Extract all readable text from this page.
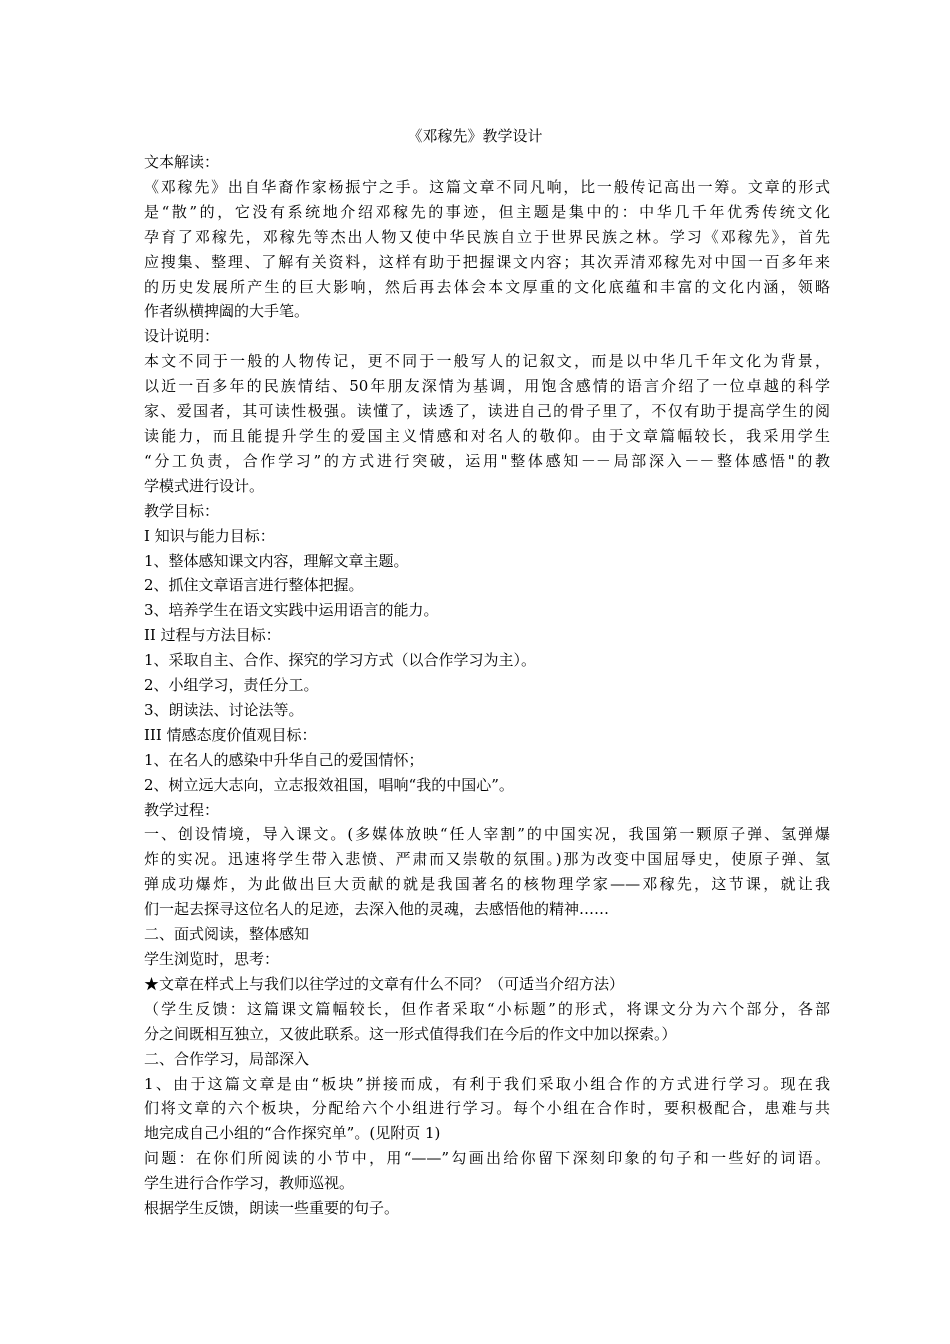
《邓稼先》教学设计
文本解读：
《邓稼先》出自华裔作家杨振宁之手。这篇文章不同凡响，比一般传记高出一筹。文章的形式
是“散”的，它没有系统地介绍邓稼先的事迹，但主题是集中的：中华几千年优秀传统文化
孕育了邓稼先，邓稼先等杰出人物又使中华民族自立于世界民族之林。学习《邓稼先》，首先
应搜集、整理、了解有关资料，这样有助于把握课文内容；其次弄清邓稼先对中国一百多年来
的历史发展所产生的巨大影响，然后再去体会本文厚重的文化底蕴和丰富的文化内涵，领略
作者纵横捭阖的大手笔。
设计说明：
本文不同于一般的人物传记，更不同于一般写人的记叙文，而是以中华几千年文化为背景，
以近一百多年的民族情结、50年朋友深情为基调，用饱含感情的语言介绍了一位卓越的科学
家、爱国者，其可读性极强。读懂了，读透了，读进自己的骨子里了，不仅有助于提高学生的阅
读能力，而且能提升学生的爱国主义情感和对名人的敬仰。由于文章篇幅较长，我采用学生
“分工负责，合作学习”的方式进行突破，运用"整体感知－－局部深入－－整体感悟"的教
学模式进行设计。
教学目标：
I 知识与能力目标：
1、整体感知课文内容，理解文章主题。
2、抓住文章语言进行整体把握。
3、培养学生在语文实践中运用语言的能力。
II 过程与方法目标：
1、采取自主、合作、探究的学习方式（以合作学习为主）。
2、小组学习，责任分工。
3、朗读法、讨论法等。
III 情感态度价值观目标：
1、在名人的感染中升华自己的爱国情怀；
2、树立远大志向，立志报效祖国，唱响“我的中国心”。
教学过程：
一、创设情境，导入课文。(多媒体放映“任人宰割”的中国实况，我国第一颗原子弹、氢弹爆
炸的实况。迅速将学生带入悲愤、严肃而又崇敬的氛围。)那为改变中国屈辱史，使原子弹、氢
弹成功爆炸，为此做出巨大贡献的就是我国著名的核物理学家——邓稼先，这节课，就让我
们一起去探寻这位名人的足迹，去深入他的灵魂，去感悟他的精神……
二、面式阅读，整体感知
学生浏览时，思考：
★文章在样式上与我们以往学过的文章有什么不同？（可适当介绍方法）
（学生反馈：这篇课文篇幅较长，但作者采取“小标题”的形式，将课文分为六个部分，各部
分之间既相互独立，又彼此联系。这一形式值得我们在今后的作文中加以探索。）
二、合作学习，局部深入
1、由于这篇文章是由“板块”拼接而成，有利于我们采取小组合作的方式进行学习。现在我
们将文章的六个板块，分配给六个小组进行学习。每个小组在合作时，要积极配合，患难与共
地完成自己小组的“合作探究单”。(见附页 1)
问题：在你们所阅读的小节中，用“——”勾画出给你留下深刻印象的句子和一些好的词语。
学生进行合作学习，教师巡视。
根据学生反馈，朗读一些重要的句子。
